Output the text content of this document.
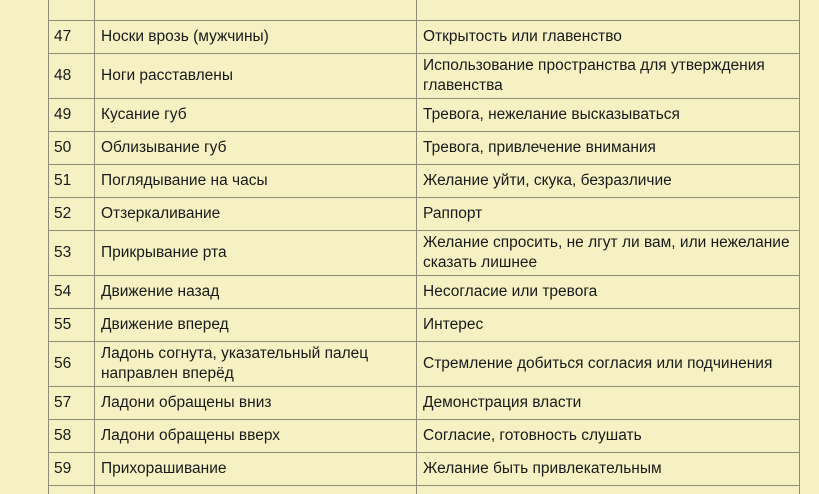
47	Носки врозь (мужчины)	Открытость или главенство
48	Ноги расставлены	Использование пространства для утверждения главенства
49	Кусание губ	Тревога, нежелание высказываться
50	Облизывание губ	Тревога, привлечение внимания
51	Поглядывание на часы	Желание уйти, скука, безразличие
52	Отзеркаливание	Раппорт
53	Прикрывание рта	Желание спросить, не лгут ли вам, или нежелание сказать лишнее
54	Движение назад	Несогласие или тревога
55	Движение вперед	Интерес
56	Ладонь согнута, указательный палец направлен вперёд	Стремление добиться согласия или подчинения
57	Ладони обращены вниз	Демонстрация власти
58	Ладони обращены вверх	Согласие, готовность слушать
59	Прихорашивание	Желание быть привлекательным
